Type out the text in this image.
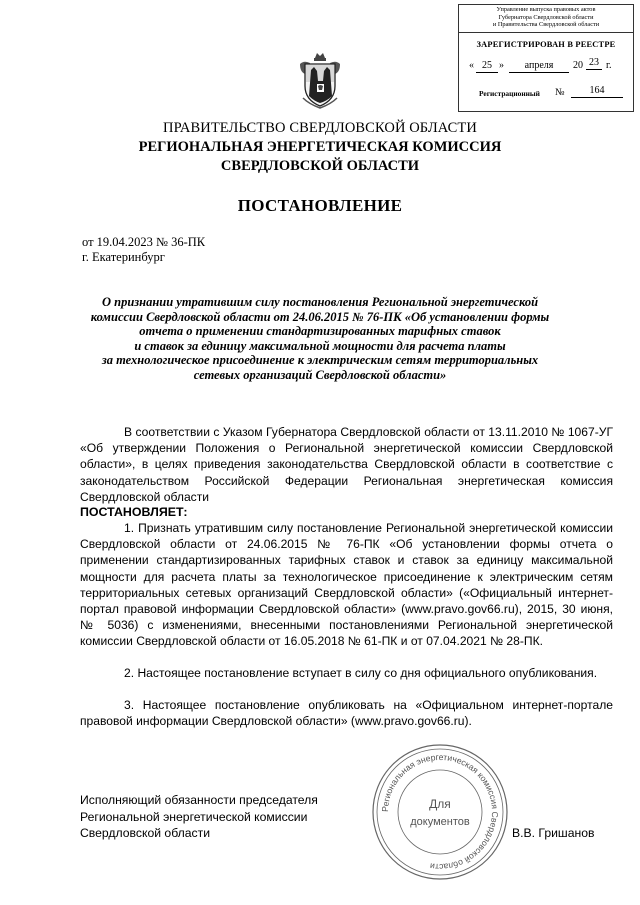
Управление выпуска правовых актов
Губернатора Свердловской области
и Правительства Свердловской области
ЗАРЕГИСТРИРОВАН В РЕЕСТРЕ
« 25 »	апреля	20 23 г.
Регистрационный №	164
ПРАВИТЕЛЬСТВО СВЕРДЛОВСКОЙ ОБЛАСТИ
РЕГИОНАЛЬНАЯ ЭНЕРГЕТИЧЕСКАЯ КОМИССИЯ
СВЕРДЛОВСКОЙ ОБЛАСТИ
ПОСТАНОВЛЕНИЕ
от 19.04.2023 № 36-ПК
г. Екатеринбург
О признании утратившим силу постановления Региональной энергетической
комиссии Свердловской области от 24.06.2015 № 76-ПК «Об установлении формы
отчета о применении стандартизированных тарифных ставок
и ставок за единицу максимальной мощности для расчета платы
за технологическое присоединение к электрическим сетям территориальных
сетевых организаций Свердловской области»
В соответствии с Указом Губернатора Свердловской области от 13.11.2010 № 1067-УГ «Об утверждении Положения о Региональной энергетической комиссии Свердловской области», в целях приведения законодательства Свердловской области в соответствие с законодательством Российской Федерации Региональная энергетическая комиссия Свердловской области
ПОСТАНОВЛЯЕТ:
1. Признать утратившим силу постановление Региональной энергетической комиссии Свердловской области от 24.06.2015 № 76-ПК «Об установлении формы отчета о применении стандартизированных тарифных ставок и ставок за единицу максимальной мощности для расчета платы за технологическое присоединение к электрическим сетям территориальных сетевых организаций Свердловской области» («Официальный интернет-портал правовой информации Свердловской области» (www.pravo.gov66.ru), 2015, 30 июня, № 5036) с изменениями, внесенными постановлениями Региональной энергетической комиссии Свердловской области от 16.05.2018 № 61-ПК и от 07.04.2021 № 28-ПК.
2. Настоящее постановление вступает в силу со дня официального опубликования.
3. Настоящее постановление опубликовать на «Официальном интернет-портале правовой информации Свердловской области» (www.pravo.gov66.ru).
Исполняющий обязанности председателя
Региональной энергетической комиссии
Свердловской области	В.В. Гришанов
Региональная энергетическая комиссия Свердловской области
Для
документов
